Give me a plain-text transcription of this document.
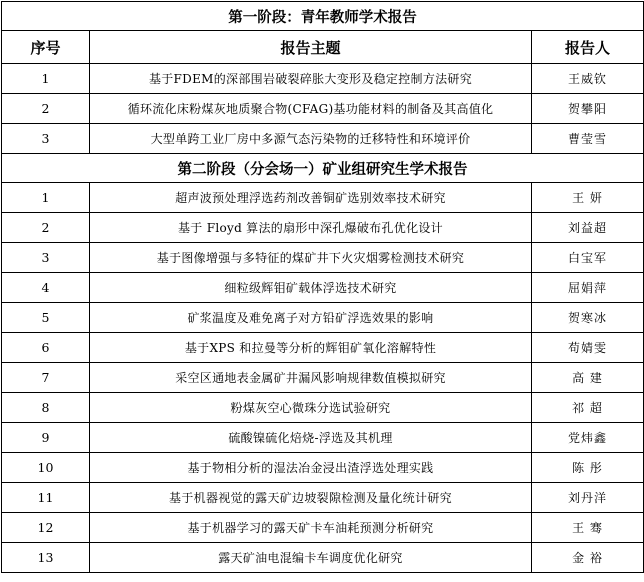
第一阶段：青年教师学术报告		
序号	报告主题	报告人
1	基于FDEM的深部围岩破裂碎胀大变形及稳定控制方法研究	王威钦
2	循环流化床粉煤灰地质聚合物(CFAG)基功能材料的制备及其高值化	贺攀阳
3	大型单跨工业厂房中多源气态污染物的迁移特性和环境评价	曹莹雪
第二阶段（分会场一）矿业组研究生学术报告		
1	超声波预处理浮选药剂改善铜矿选别效率技术研究	王 妍
2	基于 Floyd 算法的扇形中深孔爆破布孔优化设计	刘益超
3	基于图像增强与多特征的煤矿井下火灾烟雾检测技术研究	白宝军
4	细粒级辉钼矿载体浮选技术研究	屈娟萍
5	矿浆温度及难免离子对方铅矿浮选效果的影响	贺寒冰
6	基于XPS 和拉曼等分析的辉钼矿氧化溶解特性	苟婧雯
7	采空区通地表金属矿井漏风影响规律数值模拟研究	高 建
8	粉煤灰空心微珠分选试验研究	祁 超
9	硫酸镍硫化焙烧-浮选及其机理	党炜鑫
10	基于物相分析的湿法冶金浸出渣浮选处理实践	陈 彤
11	基于机器视觉的露天矿边坡裂隙检测及量化统计研究	刘丹洋
12	基于机器学习的露天矿卡车油耗预测分析研究	王 骞
13	露天矿油电混编卡车调度优化研究	金 裕
